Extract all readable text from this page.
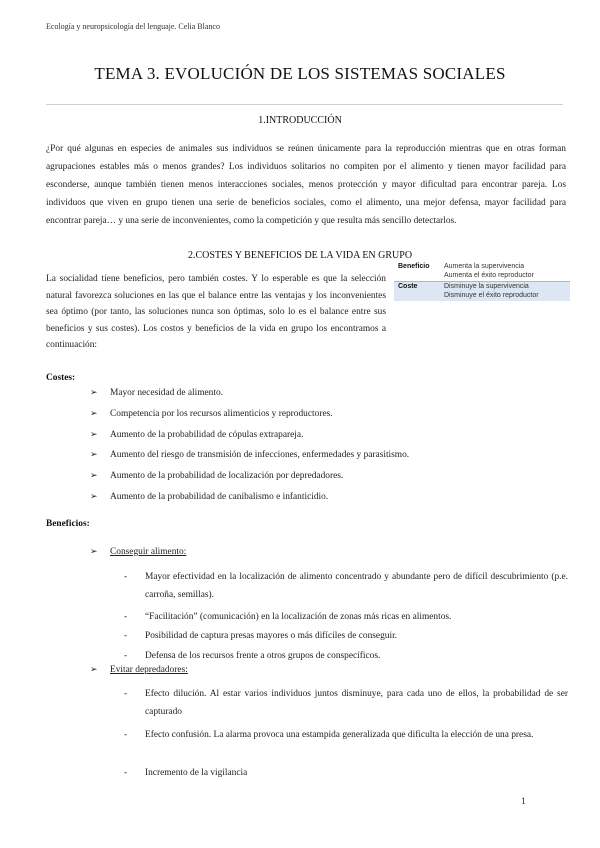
Ecología y neuropsicología del lenguaje. Celia Blanco
TEMA 3. EVOLUCIÓN DE LOS SISTEMAS SOCIALES
1.INTRODUCCIÓN
¿Por qué algunas en especies de animales sus individuos se reúnen únicamente para la reproducción mientras que en otras forman agrupaciones estables más o menos grandes? Los individuos solitarios no compiten por el alimento y tienen mayor facilidad para esconderse, aunque también tienen menos interacciones sociales, menos protección y mayor dificultad para encontrar pareja. Los individuos que viven en grupo tienen una serie de beneficios sociales, como el alimento, una mejor defensa, mayor facilidad para encontrar pareja… y una serie de inconvenientes, como la competición y que resulta más sencillo detectarlos.
2.COSTES Y BENEFICIOS DE LA VIDA EN GRUPO
La socialidad tiene beneficios, pero también costes. Y lo esperable es que la selección natural favorezca soluciones en las que el balance entre las ventajas y los inconvenientes sea óptimo (por tanto, las soluciones nunca son óptimas, solo lo es el balance entre sus beneficios y sus costes). Los costos y beneficios de la vida en grupo los encontramos a continuación:
Beneficio	Aumenta la supervivencia
Aumenta el éxito reproductor
Coste	Disminuye la supervivencia
Disminuye el éxito reproductor
Costes:
➢	Mayor necesidad de alimento.
➢	Competencia por los recursos alimenticios y reproductores.
➢	Aumento de la probabilidad de cópulas extrapareja.
➢	Aumento del riesgo de transmisión de infecciones, enfermedades y parasitismo.
➢	Aumento de la probabilidad de localización por depredadores.
➢	Aumento de la probabilidad de canibalismo e infanticidio.
Beneficios:
➢	Conseguir alimento:
- Mayor efectividad en la localización de alimento concentrado y abundante pero de difícil descubrimiento (p.e. carroña, semillas).
- “Facilitación” (comunicación) en la localización de zonas más ricas en alimentos.
- Posibilidad de captura presas mayores o más difíciles de conseguir.
- Defensa de los recursos frente a otros grupos de conspecíficos.
➢	Evitar depredadores:
- Efecto dilución. Al estar varios individuos juntos disminuye, para cada uno de ellos, la probabilidad de ser capturado
- Efecto confusión. La alarma provoca una estampida generalizada que dificulta la elección de una presa.
- Incremento de la vigilancia
1
